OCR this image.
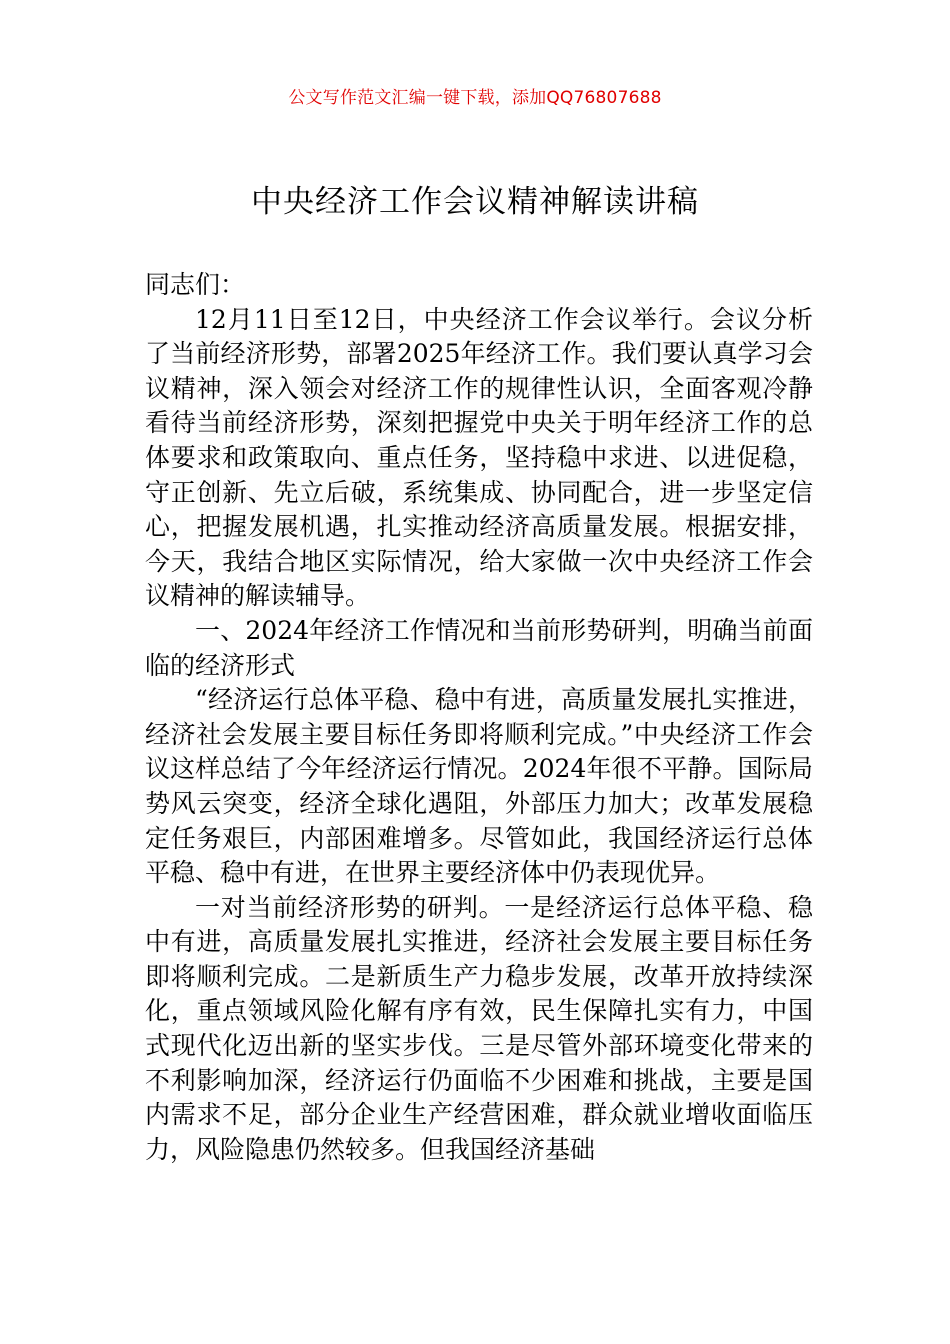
公文写作范文汇编一键下载，添加QQ76807688
中央经济工作会议精神解读讲稿

同志们：

12月11日至12日，中央经济工作会议举行。会议分析了当前经济形势，部署2025年经济工作。我们要认真学习会议精神，深入领会对经济工作的规律性认识，全面客观冷静看待当前经济形势，深刻把握党中央关于明年经济工作的总体要求和政策取向、重点任务，坚持稳中求进、以进促稳，守正创新、先立后破，系统集成、协同配合，进一步坚定信心，把握发展机遇，扎实推动经济高质量发展。根据安排，今天，我结合地区实际情况，给大家做一次中央经济工作会议精神的解读辅导。

一、2024年经济工作情况和当前形势研判，明确当前面临的经济形式

“经济运行总体平稳、稳中有进，高质量发展扎实推进，经济社会发展主要目标任务即将顺利完成。”中央经济工作会议这样总结了今年经济运行情况。2024年很不平静。国际局势风云突变，经济全球化遇阻，外部压力加大；改革发展稳定任务艰巨，内部困难增多。尽管如此，我国经济运行总体平稳、稳中有进，在世界主要经济体中仍表现优异。

一对当前经济形势的研判。一是经济运行总体平稳、稳中有进，高质量发展扎实推进，经济社会发展主要目标任务即将顺利完成。二是新质生产力稳步发展，改革开放持续深化，重点领域风险化解有序有效，民生保障扎实有力，中国式现代化迈出新的坚实步伐。三是尽管外部环境变化带来的不利影响加深，经济运行仍面临不少困难和挑战，主要是国内需求不足，部分企业生产经营困难，群众就业增收面临压力，风险隐患仍然较多。但我国经济基础
